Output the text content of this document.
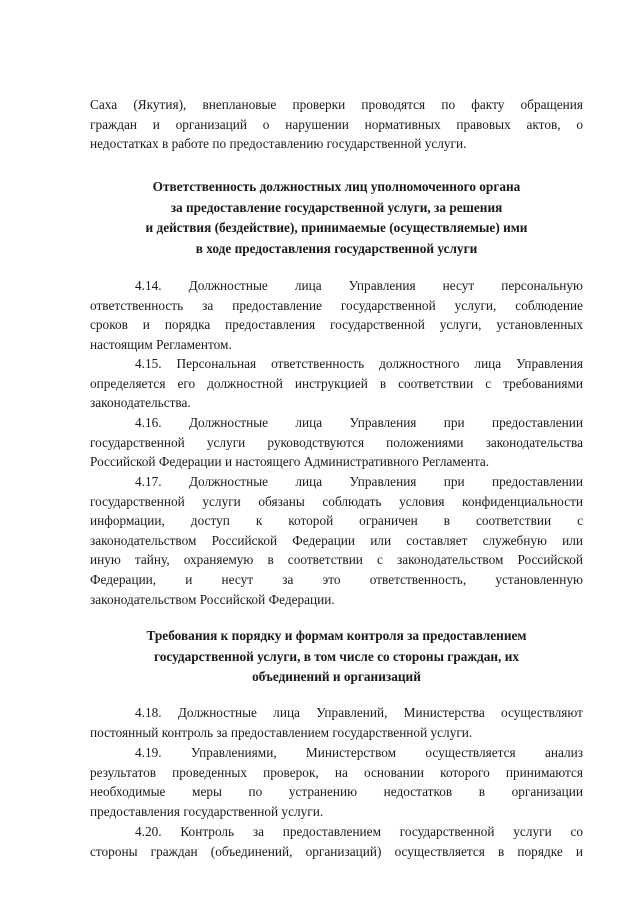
Саха (Якутия), внеплановые проверки проводятся по факту обращения
граждан и организаций о нарушении нормативных правовых актов, о
недостатках в работе по предоставлению государственной услуги.
Ответственность должностных лиц уполномоченного органа
за предоставление государственной услуги, за решения
и действия (бездействие), принимаемые (осуществляемые) ими
в ходе предоставления государственной услуги
4.14. Должностные лица Управления несут персональную
ответственность за предоставление государственной услуги, соблюдение
сроков и порядка предоставления государственной услуги, установленных
настоящим Регламентом.
4.15. Персональная ответственность должностного лица Управления
определяется его должностной инструкцией в соответствии с требованиями
законодательства.
4.16. Должностные лица Управления при предоставлении
государственной услуги руководствуются положениями законодательства
Российской Федерации и настоящего Административного Регламента.
4.17. Должностные лица Управления при предоставлении
государственной услуги обязаны соблюдать условия конфиденциальности
информации, доступ к которой ограничен в соответствии с
законодательством Российской Федерации или составляет служебную или
иную тайну, охраняемую в соответствии с законодательством Российской
Федерации, и несут за это ответственность, установленную
законодательством Российской Федерации.
Требования к порядку и формам контроля за предоставлением
государственной услуги, в том числе со стороны граждан, их
объединений и организаций
4.18. Должностные лица Управлений, Министерства осуществляют
постоянный контроль за предоставлением государственной услуги.
4.19. Управлениями, Министерством осуществляется анализ
результатов проведенных проверок, на основании которого принимаются
необходимые меры по устранению недостатков в организации
предоставления государственной услуги.
4.20. Контроль за предоставлением государственной услуги со
стороны граждан (объединений, организаций) осуществляется в порядке и
